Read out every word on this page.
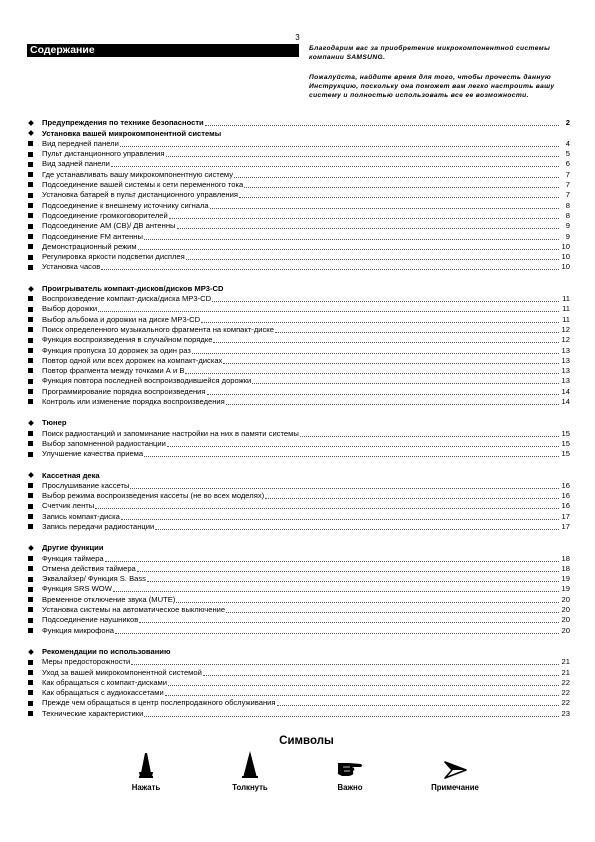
3
Содержание	Благодарим вас за приобретение микрокомпонентной системы компании SAMSUNG.
Пожалуйста, найдите время для того, чтобы прочесть данную Инструкцию, поскольку она поможет вам легко настроить вашу систему и полностью использовать все ее возможности.
Предупреждения по технике безопасности	2
Установка вашей микрокомпонентной системы
Вид передней панели	4
Пульт дистанционного управления	5
Вид задней панели	6
Где устанавливать вашу микрокомпонентную систему	7
Подсоединение вашей системы к сети переменного тока	7
Установка батарей в пульт дистанционного управления	7
Подсоединение к внешнему источнику сигнала	8
Подсоединение громкоговорителей	8
Подсоединение АМ (СВ)/ ДВ антенны	9
Подсоединение FM антенны	9
Демонстрационный режим	10
Регулировка яркости подсветки дисплея	10
Установка часов	10
Проигрыватель компакт-дисков/дисков MP3-CD
Воспроизведение компакт-диска/диска MP3-CD	11
Выбор дорожки	11
Выбор альбома и дорожки на диске MP3-CD	11
Поиск определенного музыкального фрагмента на компакт-диске	12
Функция воспроизведения в случайном порядке	12
Функция пропуска 10 дорожек за один раз	13
Повтор одной или всех дорожек на компакт-дисках	13
Повтор фрагмента между точками А и В	13
Функция повтора последней воспроизводившейся дорожки	13
Программирование порядка воспроизведения	14
Контроль или изменение порядка воспроизведения	14
Тюнер
Поиск радиостанций и запоминание настройки на них в памяти системы	15
Выбор запомненной радиостанции	15
Улучшение качества приема	15
Кассетная дека
Прослушивание кассеты	16
Выбор режима воспроизведения кассеты (не во всех моделях)	16
Счетчик ленты	16
Запись компакт-диска	17
Запись передачи радиостанции	17
Другие функции
Функция таймера	18
Отмена действия таймера	18
Эквалайзер/ Функция S. Bass	19
Функция SRS WOW	19
Временное отключение звука (MUTE)	20
Установка системы на автоматическое выключение	20
Подсоединение наушников	20
Функция микрофона	20
Рекомендации по использованию
Меры предосторожности	21
Уход за вашей микрокомпонентной системой	21
Как обращаться с компакт-дисками	22
Как обращаться с аудиокассетами	22
Прежде чем обращаться в центр послепродажного обслуживания	22
Технические характеристики	23
Символы
Нажать	Толкнуть	Важно	Примечание
